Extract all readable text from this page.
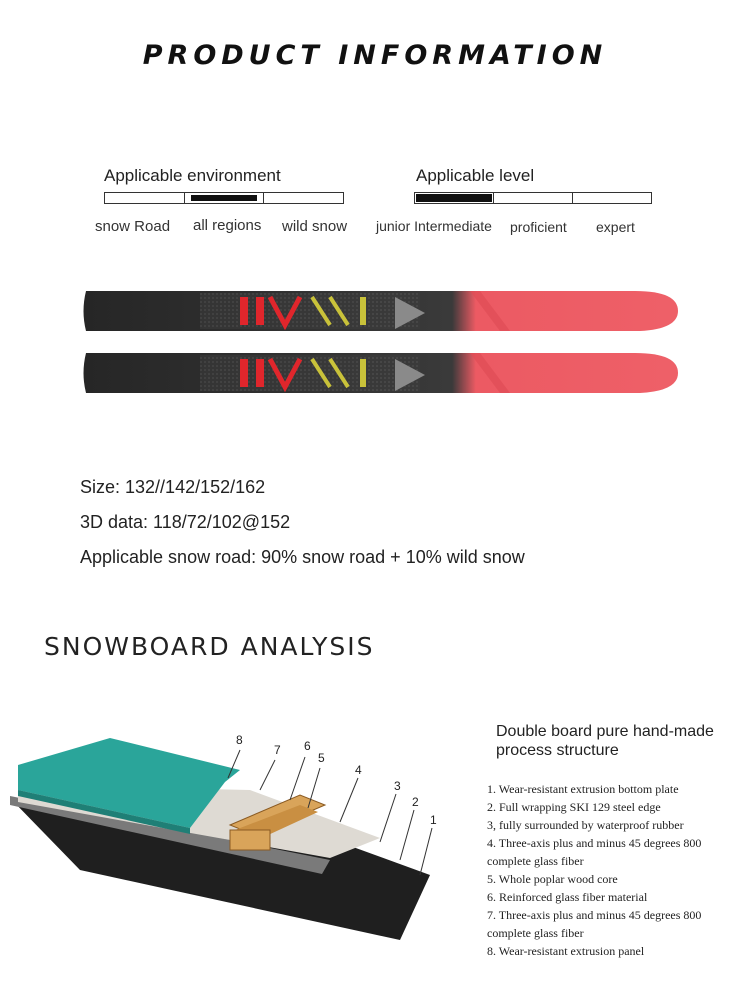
PRODUCT INFORMATION
Applicable environment
snow Road all regions wild snow
Applicable level
junior Intermediate proficient expert
Size: 132//142/152/162
3D data: 118/72/102@152
Applicable snow road: 90% snow road + 10% wild snow
SNOWBOARD ANALYSIS
8
7 6
5
4
3
2
1
Double board pure hand-made
process structure
1. Wear-resistant extrusion bottom plate
2. Full wrapping SKI 129 steel edge
3, fully surrounded by waterproof rubber
4. Three-axis plus and minus 45 degrees 800
complete glass fiber
5. Whole poplar wood core
6. Reinforced glass fiber material
7. Three-axis plus and minus 45 degrees 800
complete glass fiber
8. Wear-resistant extrusion panel
